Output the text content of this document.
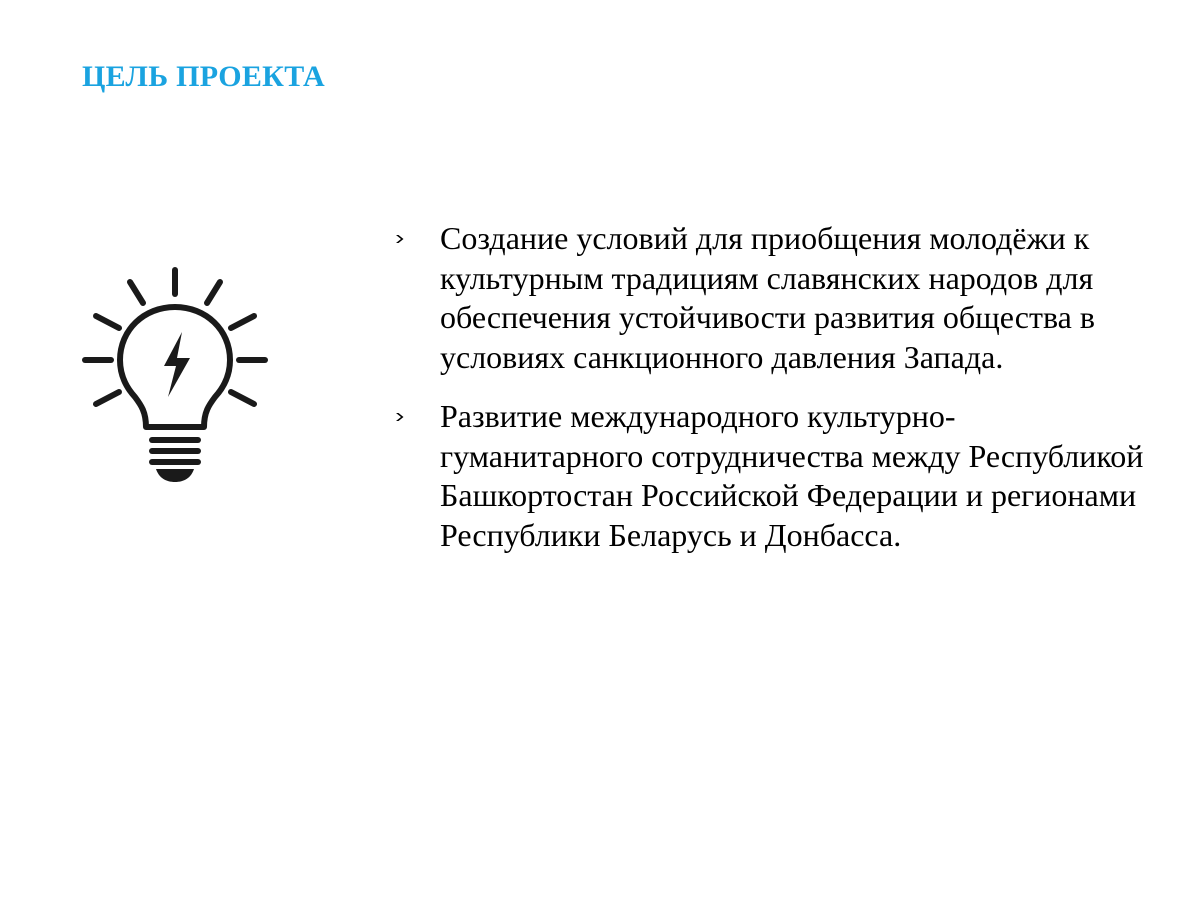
ЦЕЛЬ ПРОЕКТА
Создание условий для приобщения молодёжи к культурным традициям славянских народов для обеспечения устойчивости развития общества в условиях санкционного давления Запада.
Развитие международного культурно-гуманитарного сотрудничества между Республикой Башкортостан Российской Федерации и регионами Республики Беларусь и Донбасса.
